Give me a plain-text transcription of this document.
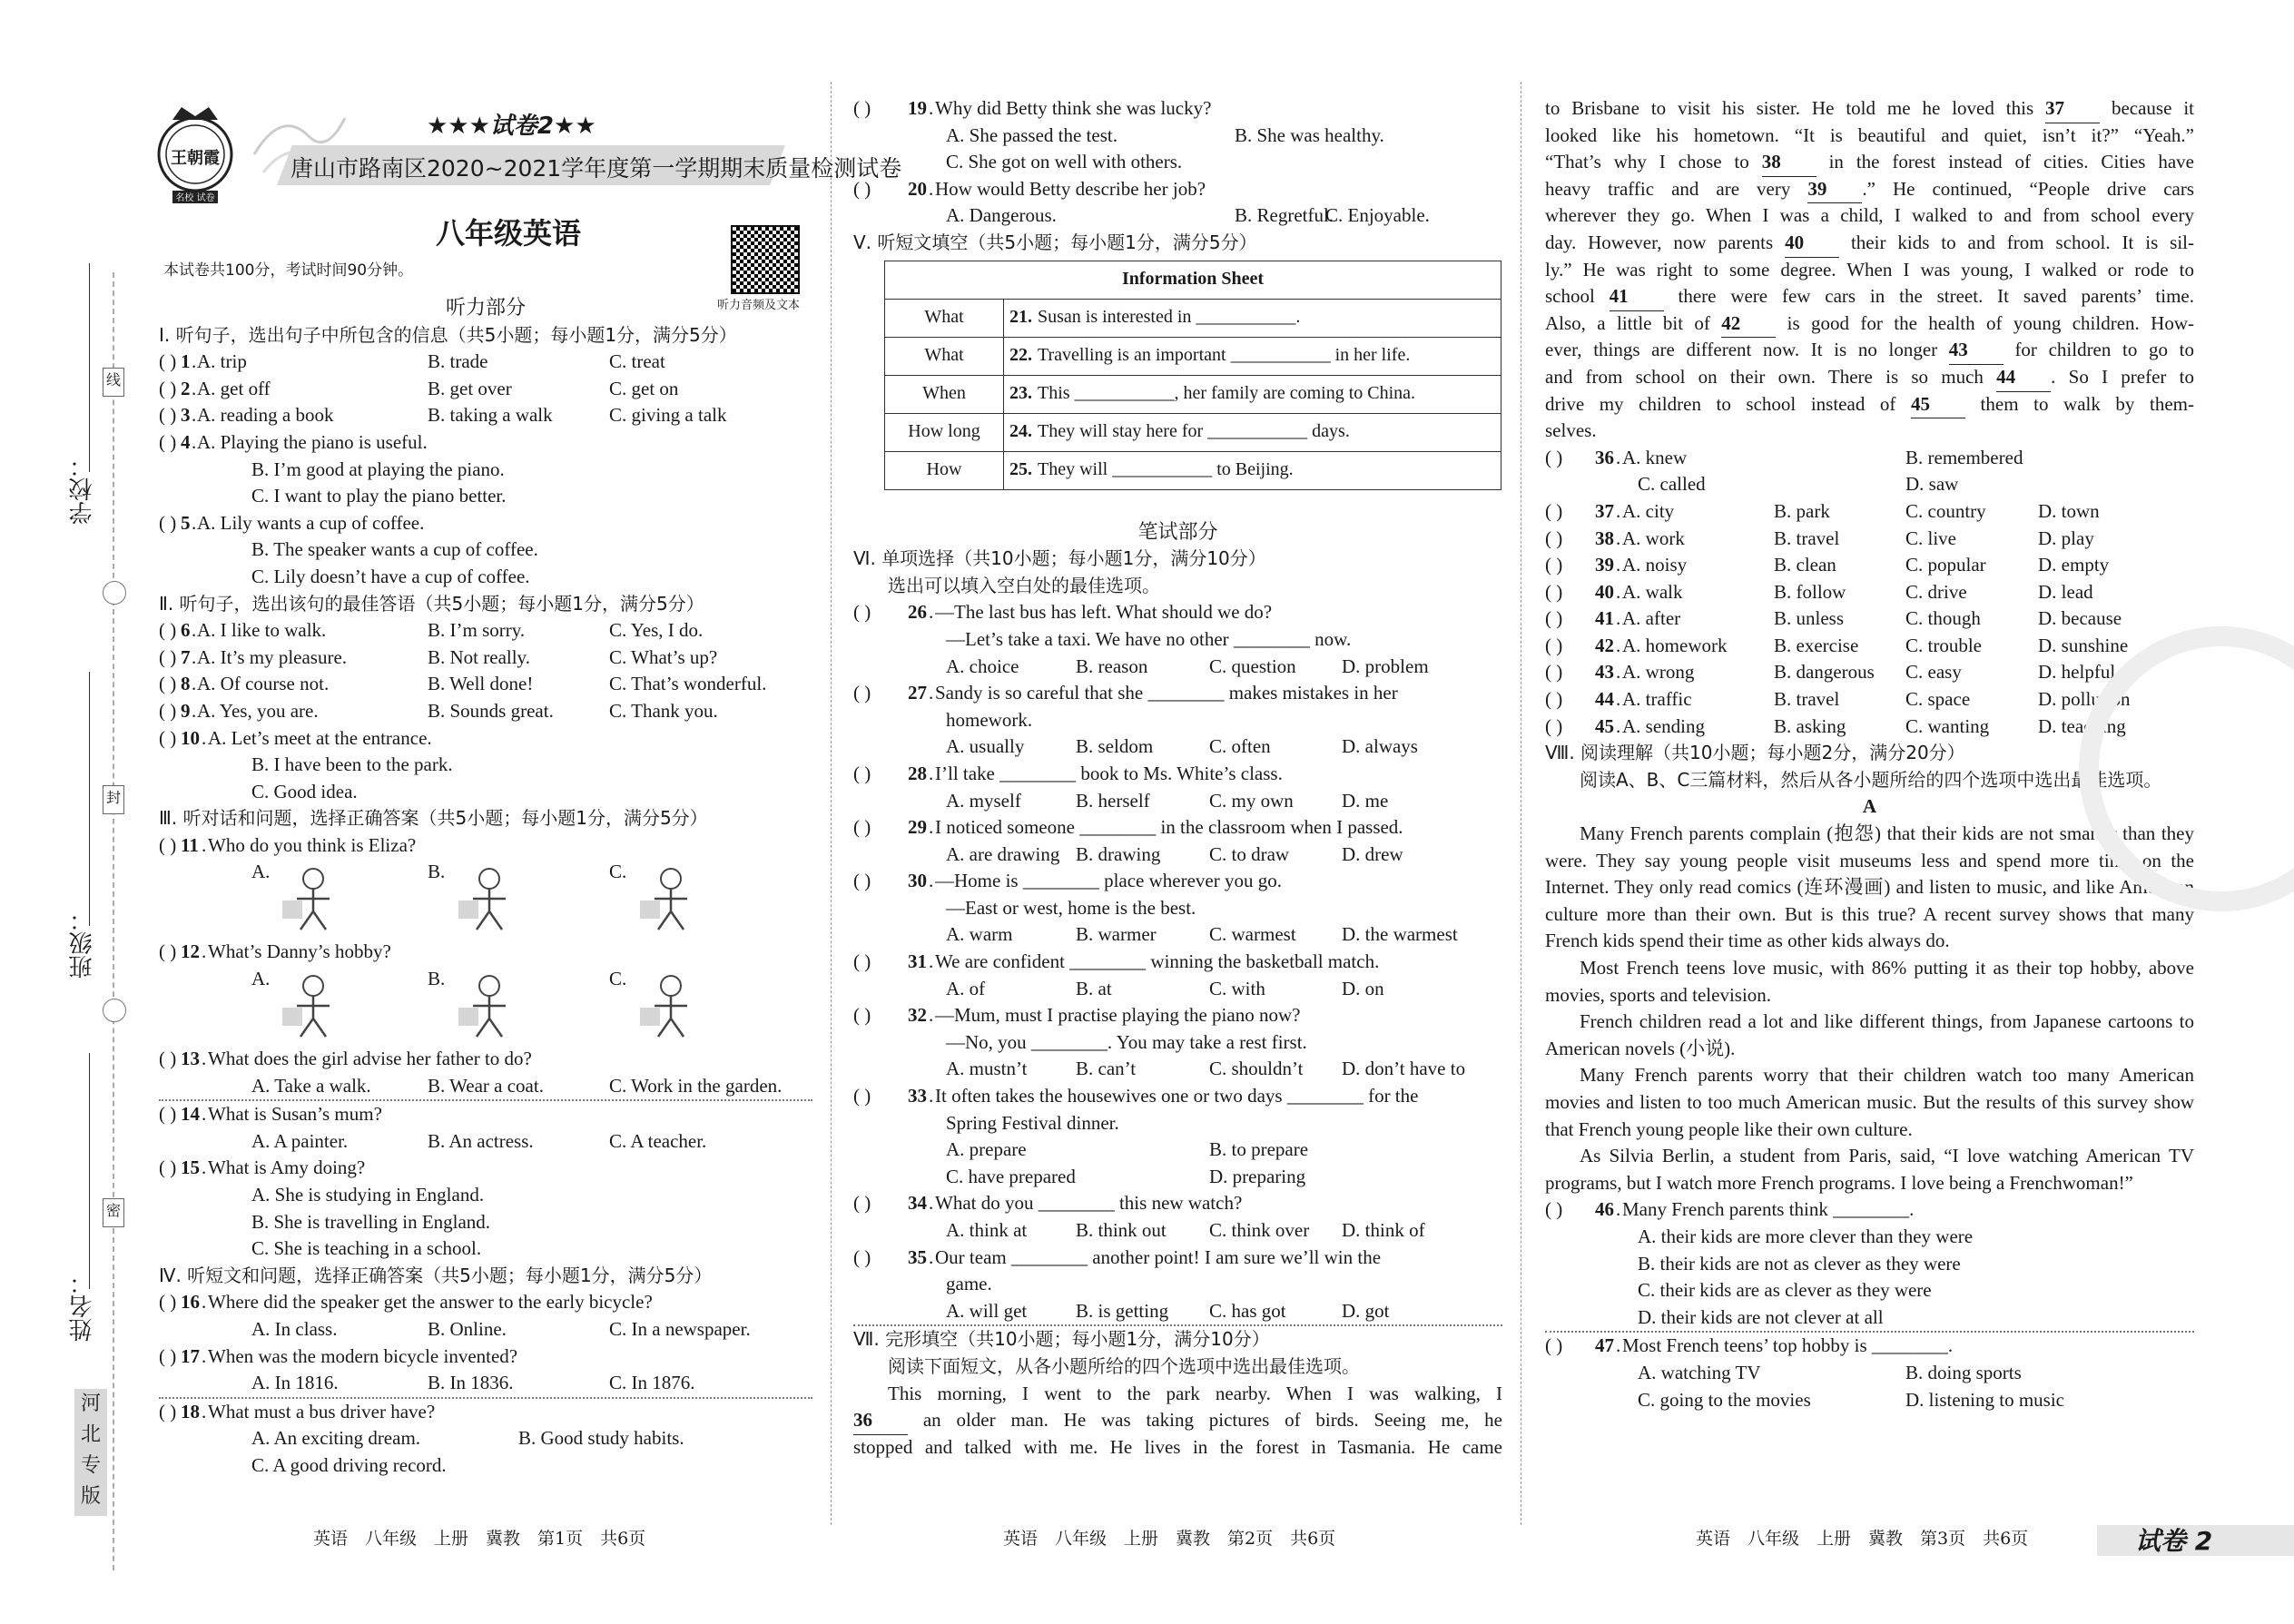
学校：
班级：
姓名：
线
封
密
河
北
专
版
王朝霞
名校 试卷
★★★试卷2★★
唐山市路南区2020~2021学年度第一学期期末质量检测试卷
八年级英语
本试卷共100分，考试时间90分钟。
听力音频及文本
听力部分
Ⅰ. 听句子，选出句子中所包含的信息（共5小题；每小题1分，满分5分）
( ) 1 . A. trip	B. trade	C. treat
( ) 2 . A. get off	B. get over	C. get on
( ) 3 . A. reading a book	B. taking a walk	C. giving a talk
( ) 4 . A. Playing the piano is useful.
B. I’m good at playing the piano.
C. I want to play the piano better.
( ) 5 . A. Lily wants a cup of coffee.
B. The speaker wants a cup of coffee.
C. Lily doesn’t have a cup of coffee.
Ⅱ. 听句子，选出该句的最佳答语（共5小题；每小题1分，满分5分）
( ) 6 . A. I like to walk.	B. I’m sorry.	C. Yes, I do.
( ) 7 . A. It’s my pleasure.	B. Not really.	C. What’s up?
( ) 8 . A. Of course not.	B. Well done!	C. That’s wonderful.
( ) 9 . A. Yes, you are.	B. Sounds great.	C. Thank you.
( ) 10 . A. Let’s meet at the entrance.
B. I have been to the park.
C. Good idea.
Ⅲ. 听对话和问题，选择正确答案（共5小题；每小题1分，满分5分）
( ) 11 . Who do you think is Eliza?
A.	B.	C.
( ) 12 . What’s Danny’s hobby?
A.	B.	C.
( ) 13 . What does the girl advise her father to do?
A. Take a walk.	B. Wear a coat.	C. Work in the garden.
( ) 14 . What is Susan’s mum?
A. A painter.	B. An actress.	C. A teacher.
( ) 15 . What is Amy doing?
A. She is studying in England.
B. She is travelling in England.
C. She is teaching in a school.
Ⅳ. 听短文和问题，选择正确答案（共5小题；每小题1分，满分5分）
( ) 16 . Where did the speaker get the answer to the early bicycle?
A. In class.	B. Online.	C. In a newspaper.
( ) 17 . When was the modern bicycle invented?
A. In 1816.	B. In 1836.	C. In 1876.
( ) 18 . What must a bus driver have?
A. An exciting dream.	B. Good study habits.
C. A good driving record.
( ) 19 . Why did Betty think she was lucky?
A. She passed the test.	B. She was healthy.
C. She got on well with others.
( ) 20 . How would Betty describe her job?
A. Dangerous.	B. Regretful.
C. Enjoyable.
Ⅴ. 听短文填空（共5小题；每小题1分，满分5分）
Information Sheet	
What	21. Susan is interested in ___________.
What	22. Travelling is an important ___________ in her life.
When	23. This ___________, her family are coming to China.
How long	24. They will stay here for ___________ days.
How	25. They will ___________ to Beijing.
笔试部分
Ⅵ. 单项选择（共10小题；每小题1分，满分10分）
选出可以填入空白处的最佳选项。
( ) 26 . —The last bus has left. What should we do?
—Let’s take a taxi. We have no other ________ now.
A. choice	B. reason	C. question D. problem
( ) 27 . Sandy is so careful that she ________ makes mistakes in her
homework.
A. usually	B. seldom	C. often	D. always
( ) 28 . I’ll take ________ book to Ms. White’s class.
A. myself	B. herself	C. my own	D. me
( ) 29 . I noticed someone ________ in the classroom when I passed.
A. are drawing B. drawing	C. to draw	D. drew
( ) 30 . —Home is ________ place wherever you go.
—East or west, home is the best.
A. warm	B. warmer	C. warmest D. the warmest
( ) 31 . We are confident ________ winning the basketball match.
A. of	B. at	C. with	D. on
( ) 32 . —Mum, must I practise playing the piano now?
—No, you ________. You may take a rest first.
A. mustn’t	B. can’t	C. shouldn’t D. don’t have to
( ) 33 . It often takes the housewives one or two days ________ for the
Spring Festival dinner.
A. prepare	B. to prepare
C. have prepared	D. preparing
( ) 34 . What do you ________ this new watch?
A. think at	B. think out C. think over D. think of
( ) 35 . Our team ________ another point! I am sure we’ll win the
game.
A. will get	B. is getting C. has got	D. got
Ⅶ. 完形填空（共10小题；每小题1分，满分10分）
阅读下面短文，从各小题所给的四个选项中选出最佳选项。
This morning, I went to the park nearby. When I was walking, I
36 an older man. He was taking pictures of birds. Seeing me, he
stopped and talked with me. He lives in the forest in Tasmania. He came
to Brisbane to visit his sister. He told me he loved this 37 because it
looked like his hometown. “It is beautiful and quiet, isn’t it?” “Yeah.”
“That’s why I chose to 38 in the forest instead of cities. Cities have
heavy traffic and are very 39 .” He continued, “People drive cars
wherever they go. When I was a child, I walked to and from school every
day. However, now parents 40 their kids to and from school. It is sil-
ly.” He was right to some degree. When I was young, I walked or rode to
school 41 there were few cars in the street. It saved parents’ time.
Also, a little bit of 42 is good for the health of young children. How-
ever, things are different now. It is no longer 43 for children to go to
and from school on their own. There is so much 44 . So I prefer to
drive my children to school instead of 45 them to walk by them-
selves.
( ) 36 . A. knew	B. remembered
C. called	D. saw
( ) 37 . A. city	B. park	C. country	D. town
( ) 38 . A. work	B. travel	C. live	D. play
( ) 39 . A. noisy	B. clean	C. popular	D. empty
( ) 40 . A. walk	B. follow	C. drive	D. lead
( ) 41 . A. after	B. unless	C. though	D. because
( ) 42 . A. homework B. exercise C. trouble	D. sunshine
( ) 43 . A. wrong	B. dangerous C. easy	D. helpful
( ) 44 . A. traffic	B. travel	C. space	D. pollution
( ) 45 . A. sending	B. asking	C. wanting	D. teaching
Ⅷ. 阅读理解（共10小题；每小题2分，满分20分）
阅读A、B、C三篇材料，然后从各小题所给的四个选项中选出最佳选项。
A
Many French parents complain (抱怨) that their kids are not smarter than they were. They say young people visit museums less and spend more time on the Internet. They only read comics (连环漫画) and listen to music, and like American culture more than their own. But is this true? A recent survey shows that many French kids spend their time as other kids always do.
Most French teens love music, with 86% putting it as their top hobby, above movies, sports and television.
French children read a lot and like different things, from Japanese cartoons to American novels (小说).
Many French parents worry that their children watch too many American movies and listen to too much American music. But the results of this survey show that French young people like their own culture.
As Silvia Berlin, a student from Paris, said, “I love watching American TV programs, but I watch more French programs. I love being a Frenchwoman!”
( ) 46 . Many French parents think ________.
A. their kids are more clever than they were
B. their kids are not as clever as they were
C. their kids are as clever as they were
D. their kids are not clever at all
( ) 47 . Most French teens’ top hobby is ________.
A. watching TV	B. doing sports
C. going to the movies	D. listening to music
英语　八年级　上册　冀教　第1页　共6页	英语　八年级　上册　冀教　第2页　共6页	英语　八年级　上册　冀教　第3页　共6页	试卷 2
